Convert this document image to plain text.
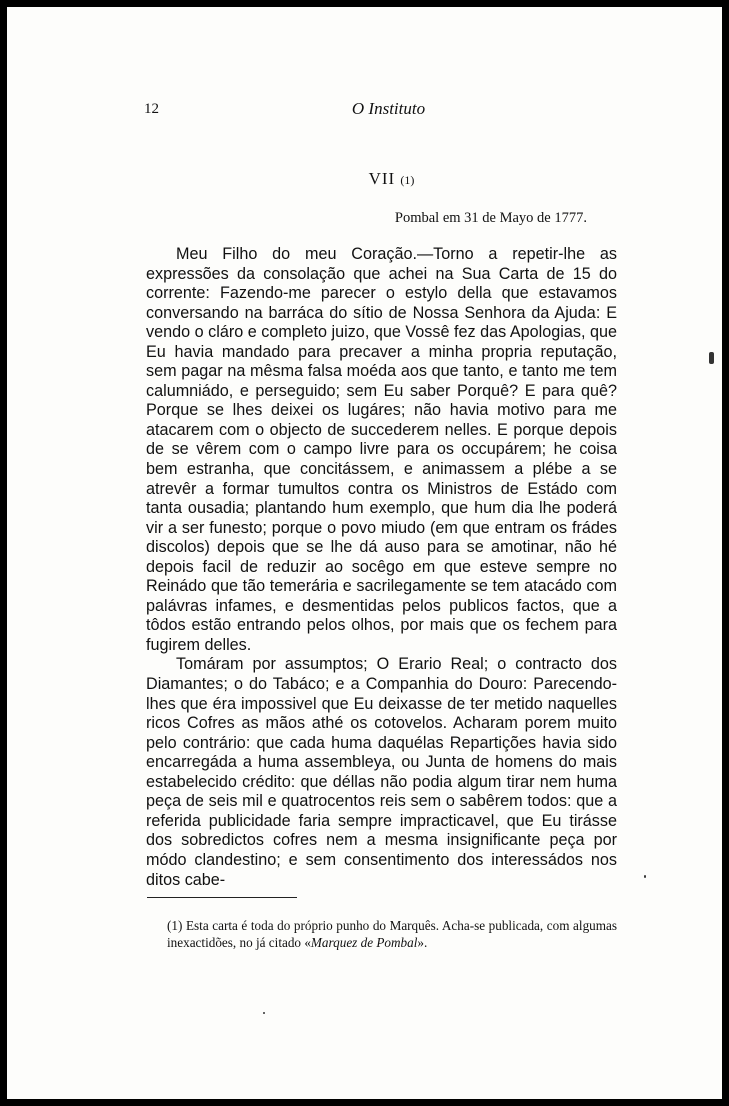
12	O Instituto
VII (1)
Pombal em 31 de Mayo de 1777.

Meu Filho do meu Coração.—Torno a repetir-lhe as expressões da consolação que achei na Sua Carta de 15 do corrente: Fazendo-me parecer o estylo della que estavamos conversando na barráca do sítio de Nossa Senhora da Ajuda: E vendo o cláro e completo juizo, que Vossê fez das Apologias, que Eu havia mandado para precaver a minha propria reputação, sem pagar na mêsma falsa moéda aos que tanto, e tanto me tem calumniádo, e perseguido; sem Eu saber Porquê? E para quê? Porque se lhes deixei os lugáres; não havia motivo para me atacarem com o objecto de succederem nelles. E porque depois de se vêrem com o campo livre para os occupárem; he coisa bem estranha, que concitássem, e animassem a plébe a se atrevêr a formar tumultos contra os Ministros de Estádo com tanta ousadia; plantando hum exemplo, que hum dia lhe poderá vir a ser funesto; porque o povo miudo (em que entram os frádes discolos) depois que se lhe dá auso para se amotinar, não hé depois facil de reduzir ao socêgo em que esteve sempre no Reinádo que tão temerária e sacrilegamente se tem atacádo com palávras infames, e desmentidas pelos publicos factos, que a tôdos estão entrando pelos olhos, por mais que os fechem para fugirem delles.

Tomáram por assumptos; O Erario Real; o contracto dos Diamantes; o do Tabáco; e a Companhia do Douro: Parecendo-lhes que éra impossivel que Eu deixasse de ter metido naquelles ricos Cofres as mãos athé os cotovelos. Acharam porem muito pelo contrário: que cada huma daquélas Repartições havia sido encarregáda a huma assembleya, ou Junta de homens do mais estabelecido crédito: que déllas não podia algum tirar nem huma peça de seis mil e quatrocentos reis sem o sabêrem todos: que a referida publicidade faria sempre impracticavel, que Eu tirásse dos sobredictos cofres nem a mesma insignificante peça por módo clandestino; e sem consentimento dos interessádos nos ditos cabe-

(1) Esta carta é toda do próprio punho do Marquês. Acha-se publicada, com algumas inexactidões, no já citado «Marquez de Pombal».
